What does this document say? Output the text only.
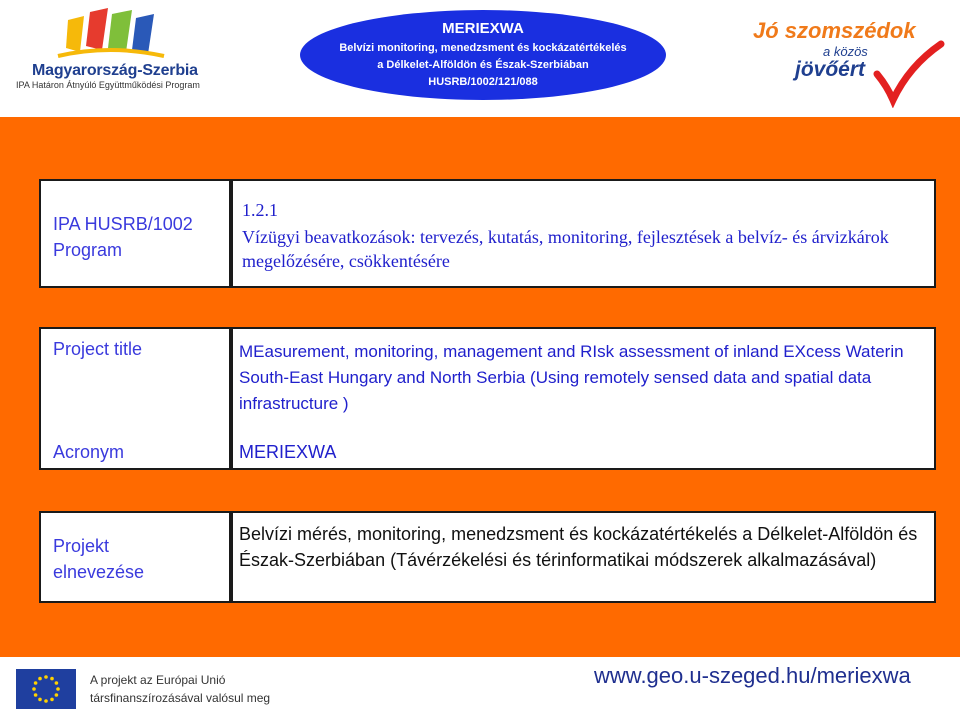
Magyarország-Szerbia
IPA Határon Átnyúló Együttműködési Program
MERIEXWA
Belvízi monitoring, menedzsment és kockázatértékelés
a Délkelet-Alföldön és Észak-Szerbiában
HUSRB/1002/121/088
Jó szomszédok
a közös
jövőért
IPA HUSRB/1002
Program
1.2.1
Vízügyi beavatkozások: tervezés, kutatás, monitoring, fejlesztések a belvíz- és árvizkárok megelőzésére, csökkentésére
Project title
Acronym
MEasurement, monitoring, management and RIsk assessment of inland EXcess Waterin South-East Hungary and North Serbia (Using remotely sensed data and spatial data infrastructure )
MERIEXWA
Projekt
elnevezése
Belvízi mérés, monitoring, menedzsment és kockázatértékelés a Délkelet-Alföldön és Észak-Szerbiában (Távérzékelési és térinformatikai módszerek alkalmazásával)
A projekt az Európai Unió
társfinanszírozásával valósul meg
www.geo.u-szeged.hu/meriexwa
